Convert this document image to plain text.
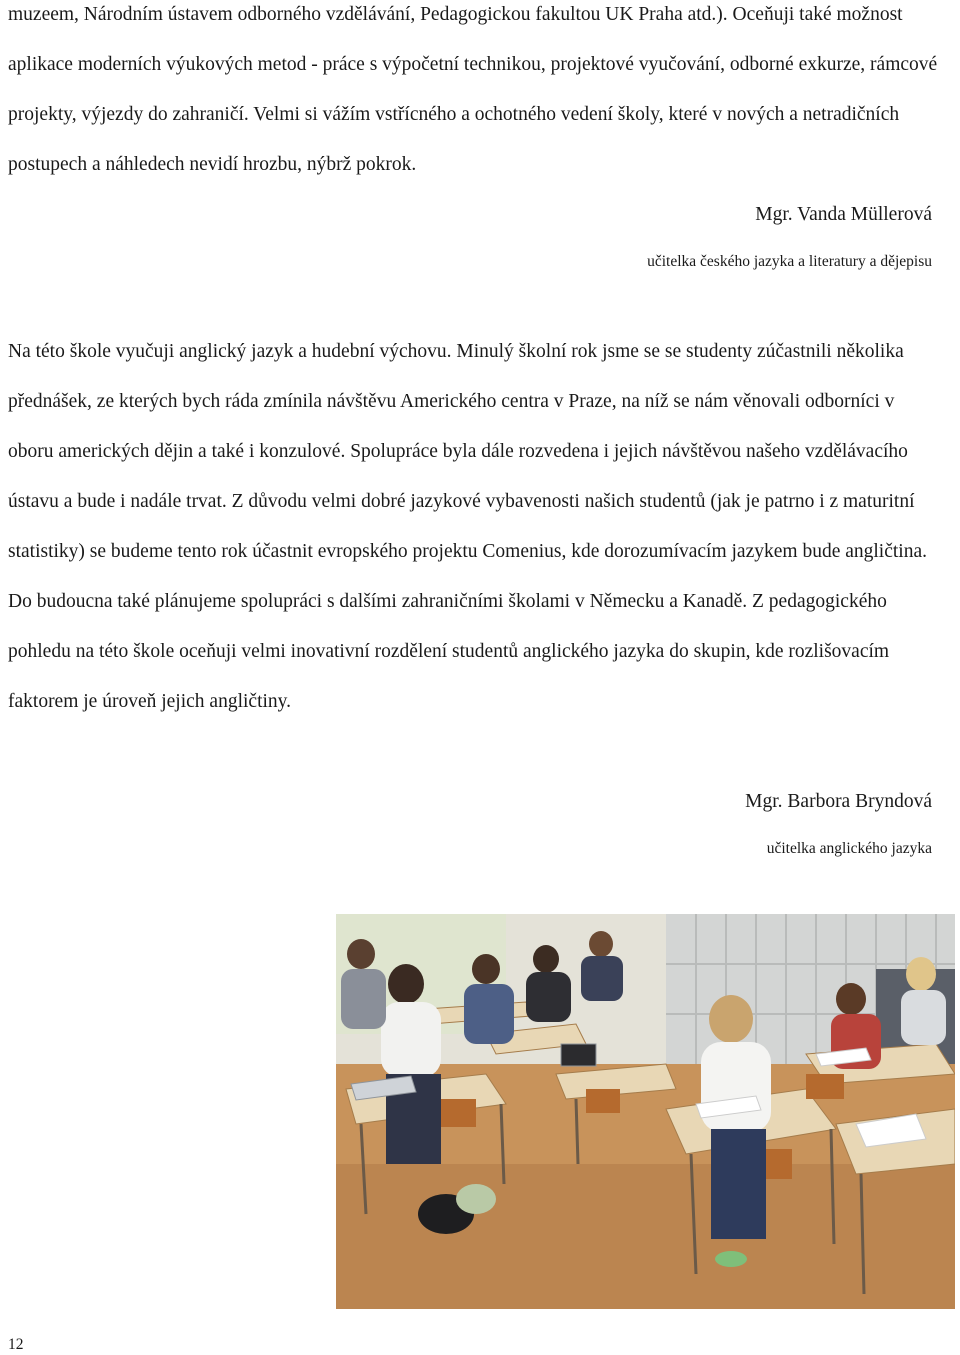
muzeem, Národním ústavem odborného vzdělávání, Pedagogickou fakultou UK Praha atd.). Oceňuji také možnost aplikace moderních výukových metod - práce s výpočetní technikou, projektové vyučování, odborné exkurze, rámcové projekty, výjezdy do zahraničí. Velmi si vážím vstřícného a ochotného vedení školy, které v nových a netradičních postupech a náhledech nevidí hrozbu, nýbrž pokrok.

Mgr. Vanda Müllerová
učitelka českého jazyka a literatury a dějepisu

Na této škole vyučuji anglický jazyk a hudební výchovu. Minulý školní rok jsme se se studenty zúčastnili několika přednášek, ze kterých bych ráda zmínila návštěvu Amerického centra v Praze, na níž se nám věnovali odborníci v oboru amerických dějin a také i konzulové. Spolupráce byla dále rozvedena i jejich návštěvou našeho vzdělávacího ústavu a bude i nadále trvat. Z důvodu velmi dobré jazykové vybavenosti našich studentů (jak je patrno i z maturitní statistiky) se budeme tento rok účastnit evropského projektu Comenius, kde dorozumívacím jazykem bude angličtina. Do budoucna také plánujeme spolupráci s dalšími zahraničními školami v Německu a Kanadě. Z pedagogického pohledu na této škole oceňuji velmi inovativní rozdělení studentů anglického jazyka do skupin, kde rozlišovacím faktorem je úroveň jejich angličtiny.

Mgr. Barbora Bryndová
učitelka anglického jazyka
12
